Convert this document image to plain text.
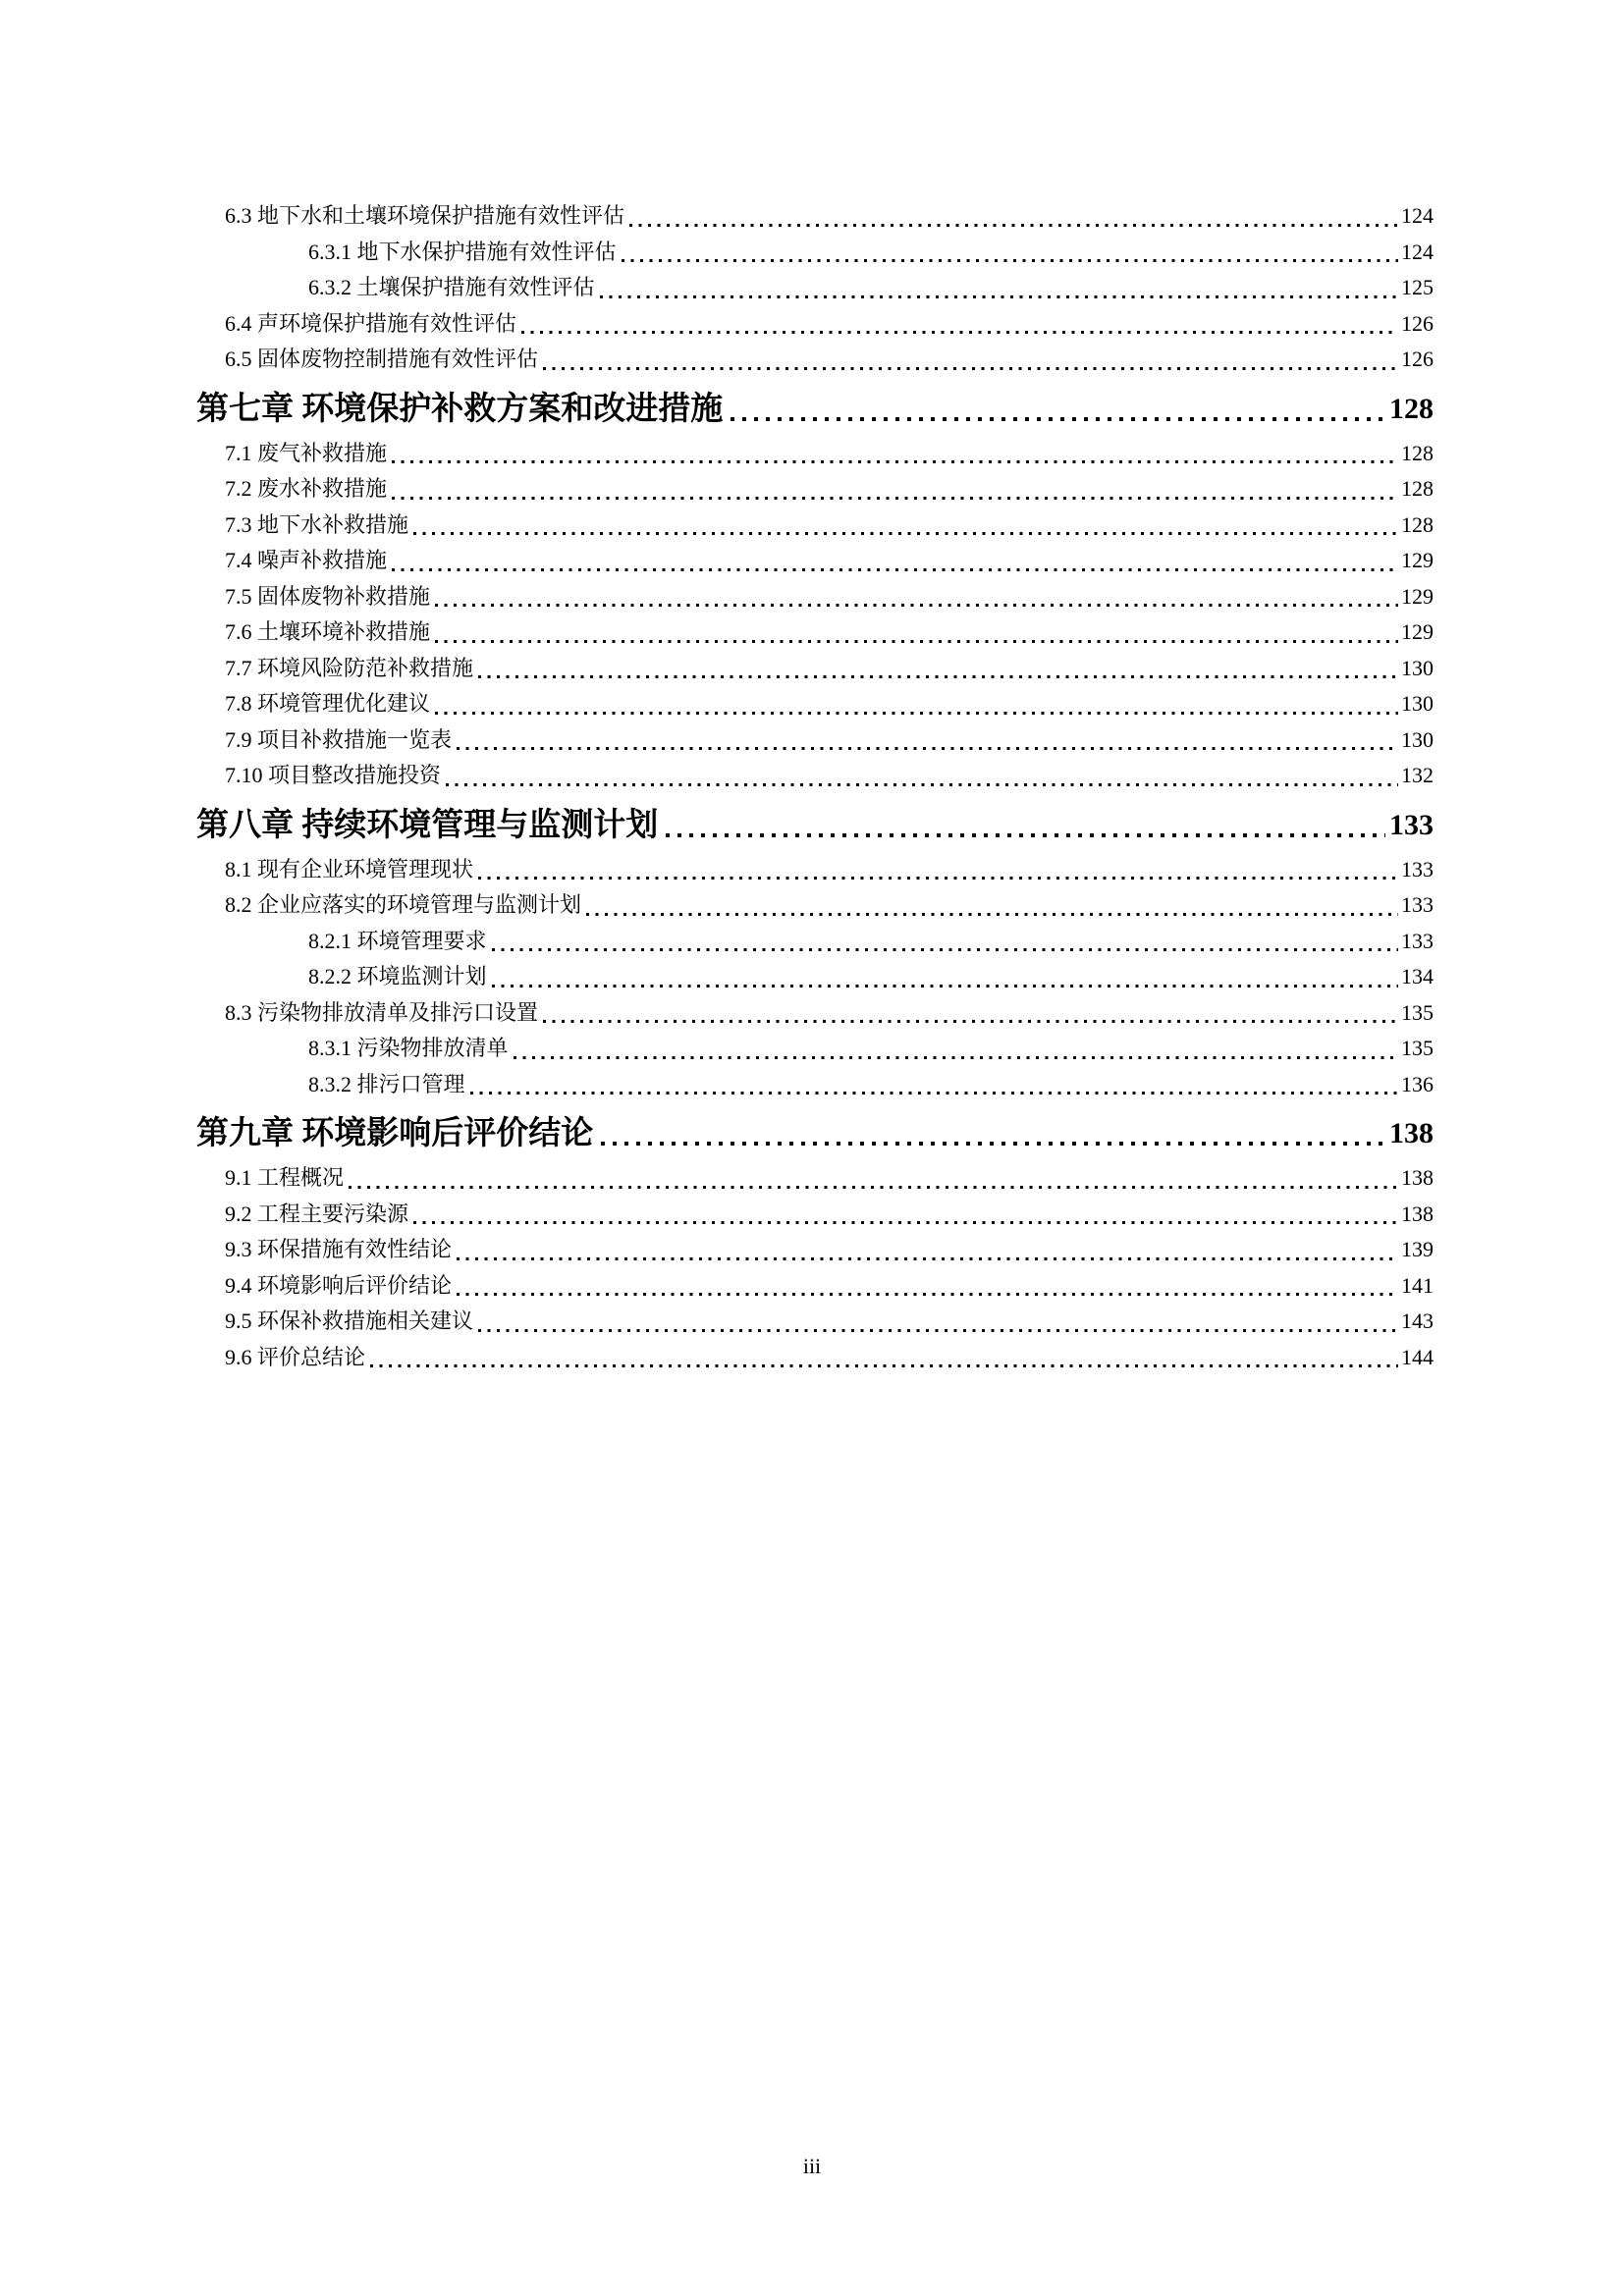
6.3 地下水和土壤环境保护措施有效性评估	124
6.3.1 地下水保护措施有效性评估	124
6.3.2 土壤保护措施有效性评估	125
6.4 声环境保护措施有效性评估	126
6.5 固体废物控制措施有效性评估	126
第七章 环境保护补救方案和改进措施	128
7.1 废气补救措施	128
7.2 废水补救措施	128
7.3 地下水补救措施	128
7.4 噪声补救措施	129
7.5 固体废物补救措施	129
7.6 土壤环境补救措施	129
7.7 环境风险防范补救措施	130
7.8 环境管理优化建议	130
7.9 项目补救措施一览表	130
7.10 项目整改措施投资	132
第八章 持续环境管理与监测计划	133
8.1 现有企业环境管理现状	133
8.2 企业应落实的环境管理与监测计划	133
8.2.1 环境管理要求	133
8.2.2 环境监测计划	134
8.3 污染物排放清单及排污口设置	135
8.3.1 污染物排放清单	135
8.3.2 排污口管理	136
第九章 环境影响后评价结论	138
9.1 工程概况	138
9.2 工程主要污染源	138
9.3 环保措施有效性结论	139
9.4 环境影响后评价结论	141
9.5 环保补救措施相关建议	143
9.6 评价总结论	144
iii
